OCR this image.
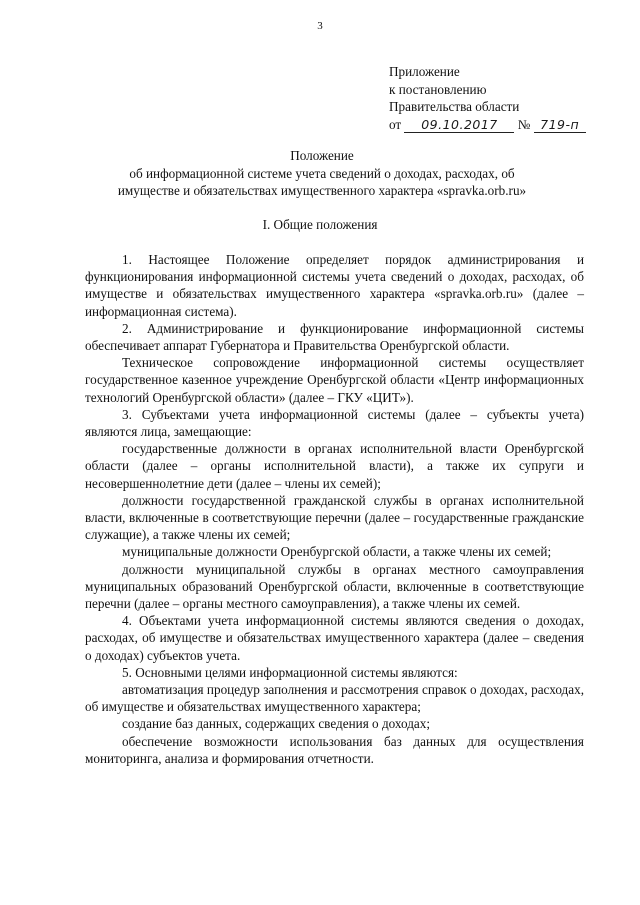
3
Приложение
к постановлению
Правительства области
от 09.10.2017 № 719-п
Положение
об информационной системе учета сведений о доходах, расходах, об
имуществе и обязательствах имущественного характера «spravka.orb.ru»
I. Общие положения

1. Настоящее Положение определяет порядок администрирования и функционирования информационной системы учета сведений о доходах, расходах, об имуществе и обязательствах имущественного характера «spravka.orb.ru» (далее – информационная система).

2. Администрирование и функционирование информационной системы обеспечивает аппарат Губернатора и Правительства Оренбургской области.

Техническое сопровождение информационной системы осуществляет государственное казенное учреждение Оренбургской области «Центр информационных технологий Оренбургской области» (далее – ГКУ «ЦИТ»).

3. Субъектами учета информационной системы (далее – субъекты учета) являются лица, замещающие:

государственные должности в органах исполнительной власти Оренбургской области (далее – органы исполнительной власти), а также их супруги и несовершеннолетние дети (далее – члены их семей);

должности государственной гражданской службы в органах исполнительной власти, включенные в соответствующие перечни (далее – государственные гражданские служащие), а также члены их семей;

муниципальные должности Оренбургской области, а также члены их семей;

должности муниципальной службы в органах местного самоуправления муниципальных образований Оренбургской области, включенные в соответствующие перечни (далее – органы местного самоуправления), а также члены их семей.

4. Объектами учета информационной системы являются сведения о доходах, расходах, об имуществе и обязательствах имущественного характера (далее – сведения о доходах) субъектов учета.

5. Основными целями информационной системы являются:

автоматизация процедур заполнения и рассмотрения справок о доходах, расходах, об имуществе и обязательствах имущественного характера;

создание баз данных, содержащих сведения о доходах;

обеспечение возможности использования баз данных для осуществления мониторинга, анализа и формирования отчетности.
